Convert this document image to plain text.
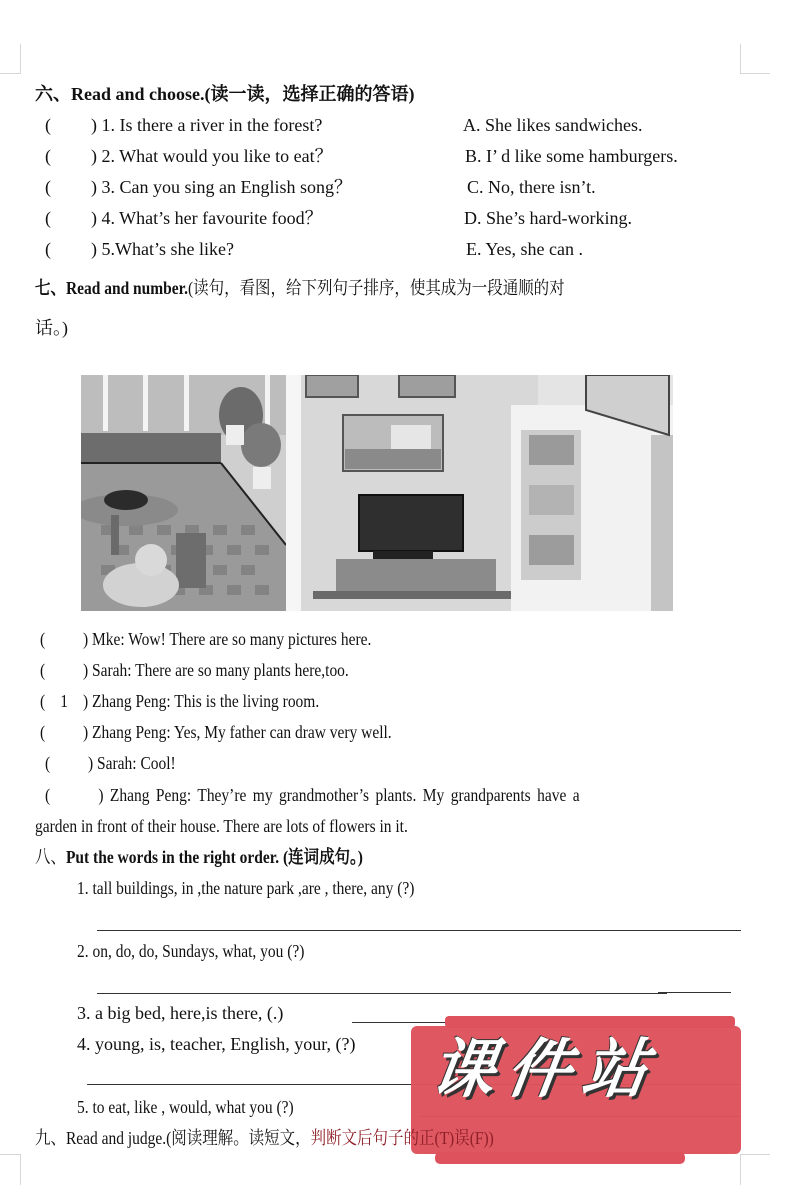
六、Read and choose.(读一读，选择正确的答语)
( ) 1. Is there a river in the forest?
( ) 2. What would you like to eat？
( ) 3. Can you sing an English song？
( ) 4. What’s her favourite food？
( ) 5.What’s she like?
A. She likes sandwiches.
B. I’ d like some hamburgers.
C. No, there isn’t.
D. She’s hard-working.
E. Yes, she can .
七、Read and number.(读句，看图，给下列句子排序，使其成为一段通顺的对
话。)
( ) Mke: Wow! There are so many pictures here.
( ) Sarah: There are so many plants here,too.
( 1 ) Zhang Peng: This is the living room.
( ) Zhang Peng: Yes, My father can draw very well.
( ) Sarah: Cool!
(	) Zhang Peng: They’re my grandmother’s plants. My grandparents have a
garden in front of their house. There are lots of flowers in it.
八、Put the words in the right order. (连词成句。)
1. tall buildings, in ,the nature park ,are , there, any (?)
2. on, do, do, Sundays, what, you (?)
3. a big bed, here,is there, (.)
4. young, is, teacher, English, your, (?)
5. to eat, like , would, what you (?)	课件站
九、Read and judge.(阅读理解。读短文，判断文后句子的正(T)误(F))
